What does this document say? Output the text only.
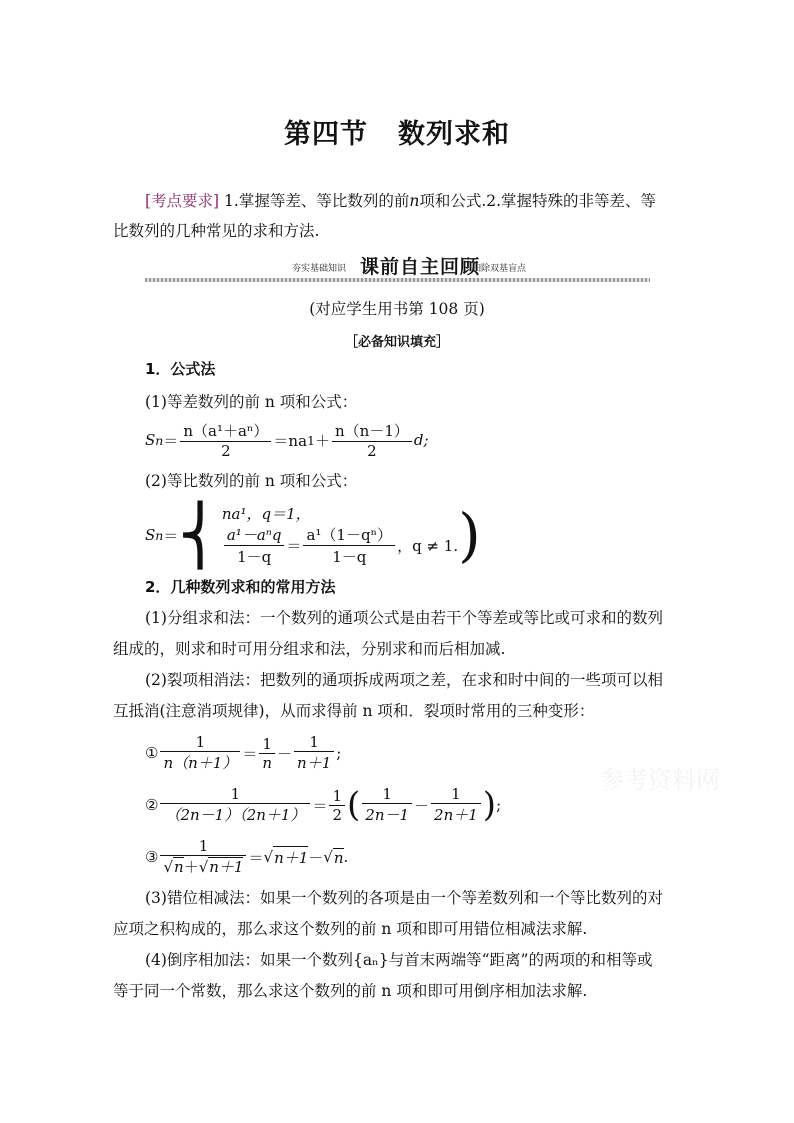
第四节 数列求和
[考点要求] 1.掌握等差、等比数列的前n项和公式.2.掌握特殊的非等差、等
比数列的几种常见的求和方法.
夯实基础知识 课前自主回顾
扫除双基盲点
(对应学生用书第 108 页)
［必备知识填充］
1．公式法
(1)等差数列的前 n 项和公式：
S $n = \frac{\text{n（a¹＋aⁿ）}}{2} =na$ $1 + \frac{n(n-1)}{2} d$;
(2)等比数列的前 n 项和公式：
S n ＝ ⎨ na¹，q＝1，
$\frac{\text{a¹－aⁿq}}{1-q} = \frac{\text{a¹（1－qⁿ）}}{1-q}$ ，q ≠ 1. )
2．几种数列求和的常用方法
(1)分组求和法：一个数列的通项公式是由若干个等差或等比或可求和的数列
组成的，则求和时可用分组求和法，分别求和而后相加减.
(2)裂项相消法：把数列的通项拆成两项之差，在求和时中间的一些项可以相
互抵消(注意消项规律)，从而求得前 n 项和．裂项时常用的三种变形：
① $\frac{1}{n(n+1)} = \frac{1}{n} - \frac{1}{n+1}$ ;
② $\frac{1}{(2n-1)(2n+1)} = \frac{1}{2}$ ( $\frac{1}{2n-1} - \frac{1}{2n+1}$ ) ;
③ $\frac{1}{√n+√n+1}$ ＝ √ n＋1 － √ n .
参考资料网
(3)错位相减法：如果一个数列的各项是由一个等差数列和一个等比数列的对
应项之积构成的，那么求这个数列的前 n 项和即可用错位相减法求解.
(4)倒序相加法：如果一个数列{aₙ}与首末两端等“距离”的两项的和相等或
等于同一个常数，那么求这个数列的前 n 项和即可用倒序相加法求解.
